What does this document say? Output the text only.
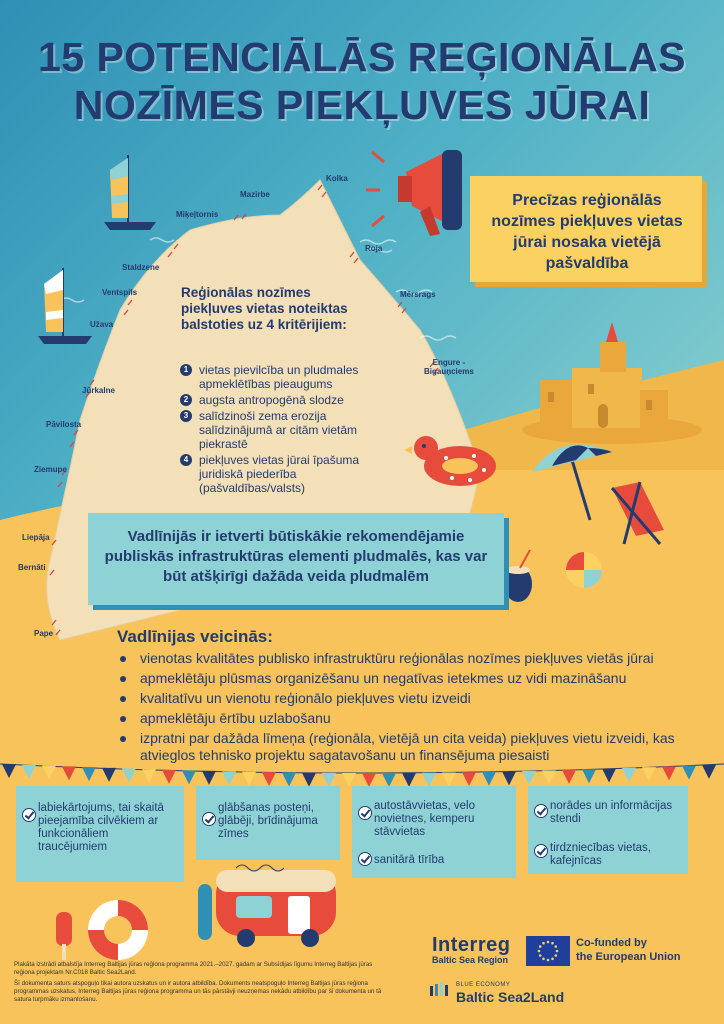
15 POTENCIĀLĀS REĢIONĀLAS
NOZĪMES PIEKĻUVES JŪRAI
Kolka
Mazirbe
Miķeļtornis
Staldzene
Roja
Ventspils	Mērsrags
Užava
Engure -
Bigauņciems
Jūrkalne
Pāvilosta
Ziemupe
Liepāja
Bernāti
Pape
Precīzas reģionālās nozīmes piekļuves vietas jūrai nosaka vietējā pašvaldība
Reģionālas nozīmes piekļuves vietas noteiktas balstoties uz 4 kritērijiem:
1 vietas pievilcība un pludmales apmeklētības pieaugums
2 augsta antropogēnā slodze
3 salīdzinoši zema erozija salīdzinājumā ar citām vietām piekrastē
4 piekļuves vietas jūrai īpašuma juridiskā piederība (pašvaldības/valsts)
Vadlīnijās ir ietverti būtiskākie rekomendējamie publiskās infrastruktūras elementi pludmalēs, kas var būt atšķirīgi dažāda veida pludmalēm
Vadlīnijas veicinās:
vienotas kvalitātes publisko infrastruktūru reģionālas nozīmes piekļuves vietās jūrai
apmeklētāju plūsmas organizēšanu un negatīvas ietekmes uz vidi mazināšanu
kvalitatīvu un vienotu reģionālo piekļuves vietu izveidi
apmeklētāju ērtību uzlabošanu
izpratni par dažāda līmeņa (reģionāla, vietējā un cita veida) piekļuves vietu izveidi, kas atvieglos tehnisko projektu sagatavošanu un finansējuma piesaisti
labiekārtojums, tai skaitā pieejamība cilvēkiem ar funkcionāliem traucējumiem
glābšanas posteņi, glābēji, brīdinājuma zīmes
autostāvvietas, velo novietnes, kemperu stāvvietas
sanitārā tīrība
norādes un informācijas stendi
tirdzniecības vietas, kafejnīcas
Plakāta izstrādi atbalstīja Interreg Baltijas jūras reģiona programma 2021.–2027. gadam ar Subsīdijas līgumu Interreg Baltijas jūras reģiona projektam Nr.C018 Baltic Sea2Land.
Šī dokumenta saturs atspoguļo tikai autora uzskatus un ir autora atbildība. Dokuments neatspoguļo Interreg Baltijas jūras reģiona programmas uzskatus, Interreg Baltijas jūras reģiona programma un tās pārstāvji neuzņemas nekādu atbildību par šī dokumenta un tā satura turpmāku izmantošanu.
Interreg
Baltic Sea Region
Co-funded by
the European Union
BLUE ECONOMY
Baltic Sea2Land
